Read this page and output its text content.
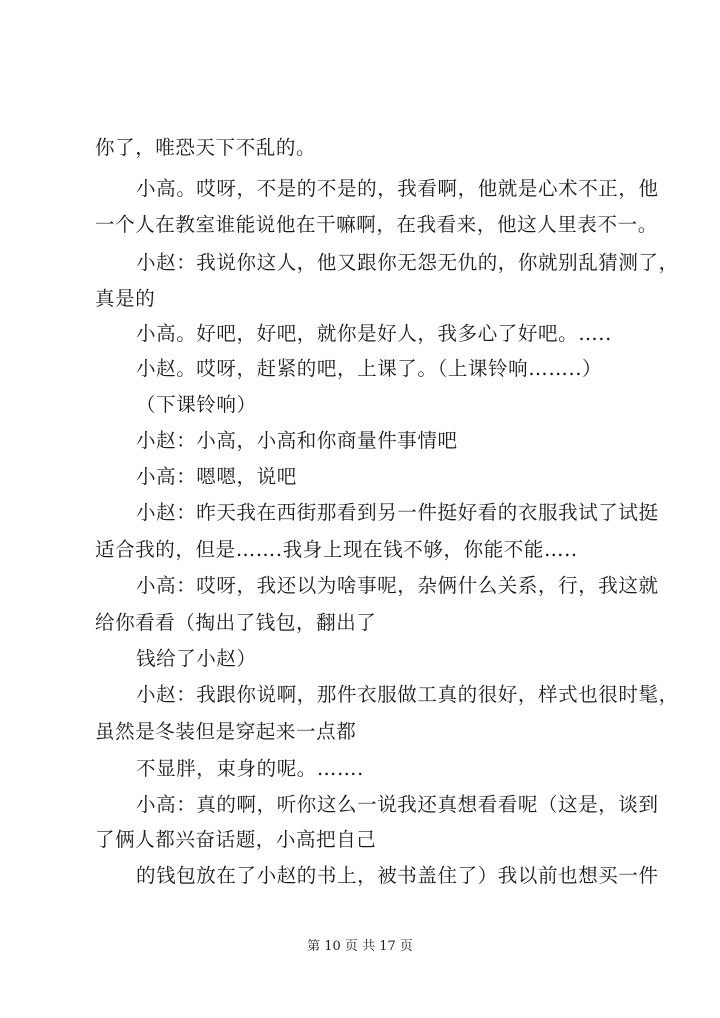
你了，唯恐天下不乱的。
小高。哎呀，不是的不是的，我看啊，他就是心术不正，他
一个人在教室谁能说他在干嘛啊，在我看来，他这人里表不一。
小赵：我说你这人，他又跟你无怨无仇的，你就别乱猜测了，
真是的
小高。好吧，好吧，就你是好人，我多心了好吧。…..
小赵。哎呀，赶紧的吧，上课了。（上课铃响……..）
（下课铃响）
小赵：小高，小高和你商量件事情吧
小高：嗯嗯，说吧
小赵：昨天我在西街那看到另一件挺好看的衣服我试了试挺
适合我的，但是…….我身上现在钱不够，你能不能…..
小高：哎呀，我还以为啥事呢，杂俩什么关系，行，我这就
给你看看（掏出了钱包，翻出了
钱给了小赵）
小赵：我跟你说啊，那件衣服做工真的很好，样式也很时髦，
虽然是冬装但是穿起来一点都
不显胖，束身的呢。…….
小高：真的啊，听你这么一说我还真想看看呢（这是，谈到
了俩人都兴奋话题，小高把自己
的钱包放在了小赵的书上，被书盖住了）我以前也想买一件
第 10 页 共 17 页
